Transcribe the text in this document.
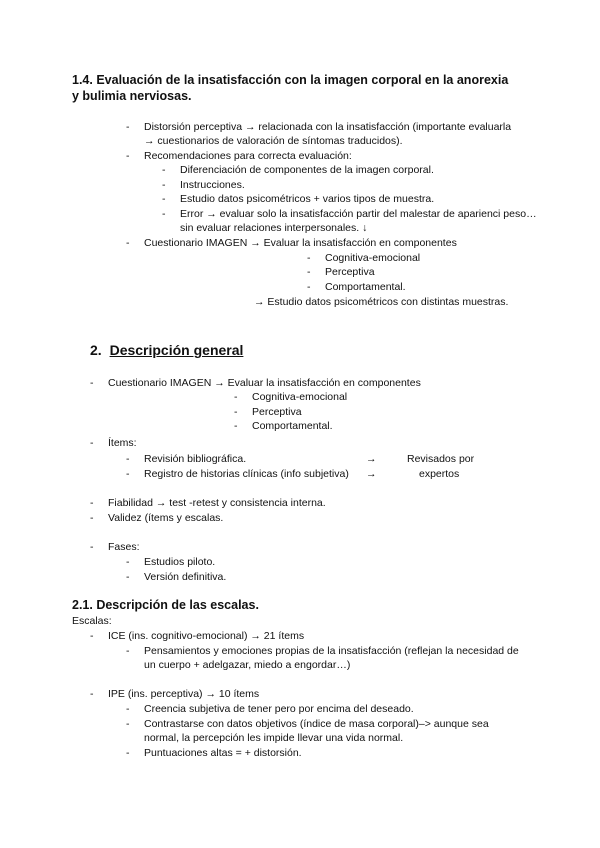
1.4. Evaluación de la insatisfacción con la imagen corporal en la anorexia y bulimia nerviosas.
- Distorsión perceptiva → relacionada con la insatisfacción (importante evaluarla → cuestionarios de valoración de síntomas traducidos).
- Recomendaciones para correcta evaluación:
- Diferenciación de componentes de la imagen corporal.
- Instrucciones.
- Estudio datos psicométricos + varios tipos de muestra.
- Error → evaluar solo la insatisfacción partir del malestar de aparienci peso… sin evaluar relaciones interpersonales. ↓
- Cuestionario IMAGEN → Evaluar la insatisfacción en componentes
- Cognitiva-emocional
- Perceptiva
- Comportamental.
→ Estudio datos psicométricos con distintas muestras.
2. Descripción general
- Cuestionario IMAGEN → Evaluar la insatisfacción en componentes
- Cognitiva-emocional
- Perceptiva
- Comportamental.
- Ítems:
- Revisión bibliográfica.	→	Revisados por
- Registro de historias clínicas (info subjetiva) →	expertos
- Fiabilidad → test -retest y consistencia interna.
- Validez (ítems y escalas.
- Fases:
- Estudios piloto.
- Versión definitiva.
2.1. Descripción de las escalas.
Escalas:
- ICE (ins. cognitivo-emocional) → 21 ítems
- Pensamientos y emociones propias de la insatisfacción (reflejan la necesidad de un cuerpo + adelgazar, miedo a engordar…)
- IPE (ins. perceptiva) → 10 ítems
- Creencia subjetiva de tener pero por encima del deseado.
- Contrastarse con datos objetivos (índice de masa corporal)–> aunque sea normal, la percepción les impide llevar una vida normal.
- Puntuaciones altas = + distorsión.
